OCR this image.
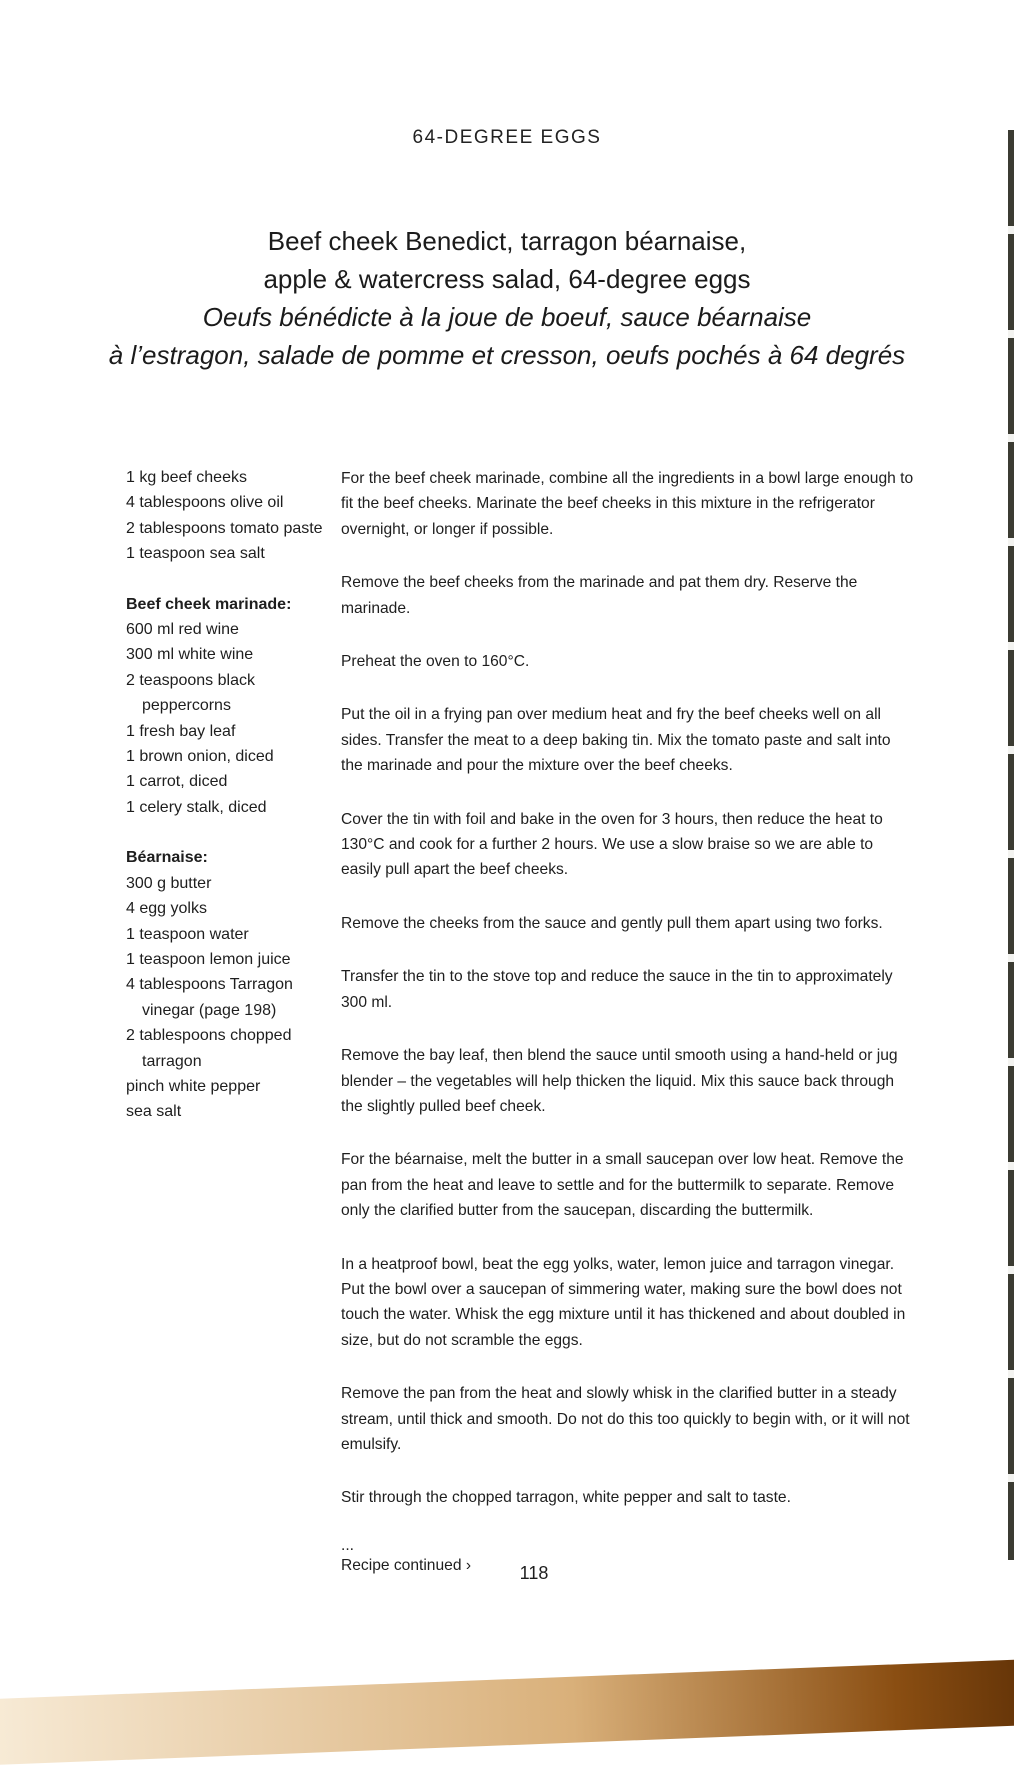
64-DEGREE EGGS
Beef cheek Benedict, tarragon béarnaise,
apple & watercress salad, 64-degree eggs
Oeufs bénédicte à la joue de boeuf, sauce béarnaise
à l’estragon, salade de pomme et cresson, oeufs pochés à 64 degrés
1 kg beef cheeks
4 tablespoons olive oil
2 tablespoons tomato paste
1 teaspoon sea salt
Beef cheek marinade:
600 ml red wine
300 ml white wine
2 teaspoons black peppercorns
1 fresh bay leaf
1 brown onion, diced
1 carrot, diced
1 celery stalk, diced
Béarnaise:
300 g butter
4 egg yolks
1 teaspoon water
1 teaspoon lemon juice
4 tablespoons Tarragon vinegar (page 198)
2 tablespoons chopped tarragon
pinch white pepper
sea salt

For the beef cheek marinade, combine all the ingredients in a bowl large enough to fit the beef cheeks. Marinate the beef cheeks in this mixture in the refrigerator overnight, or longer if possible.

Remove the beef cheeks from the marinade and pat them dry. Reserve the marinade.

Preheat the oven to 160°C.

Put the oil in a frying pan over medium heat and fry the beef cheeks well on all sides. Transfer the meat to a deep baking tin. Mix the tomato paste and salt into the marinade and pour the mixture over the beef cheeks.

Cover the tin with foil and bake in the oven for 3 hours, then reduce the heat to 130°C and cook for a further 2 hours. We use a slow braise so we are able to easily pull apart the beef cheeks.

Remove the cheeks from the sauce and gently pull them apart using two forks.

Transfer the tin to the stove top and reduce the sauce in the tin to approximately 300 ml.

Remove the bay leaf, then blend the sauce until smooth using a hand-held or jug blender – the vegetables will help thicken the liquid. Mix this sauce back through the slightly pulled beef cheek.

For the béarnaise, melt the butter in a small saucepan over low heat. Remove the pan from the heat and leave to settle and for the buttermilk to separate. Remove only the clarified butter from the saucepan, discarding the buttermilk.

In a heatproof bowl, beat the egg yolks, water, lemon juice and tarragon vinegar. Put the bowl over a saucepan of simmering water, making sure the bowl does not touch the water. Whisk the egg mixture until it has thickened and about doubled in size, but do not scramble the eggs.

Remove the pan from the heat and slowly whisk in the clarified butter in a steady stream, until thick and smooth. Do not do this too quickly to begin with, or it will not emulsify.

Stir through the chopped tarragon, white pepper and salt to taste.

...
Recipe continued ›	118
